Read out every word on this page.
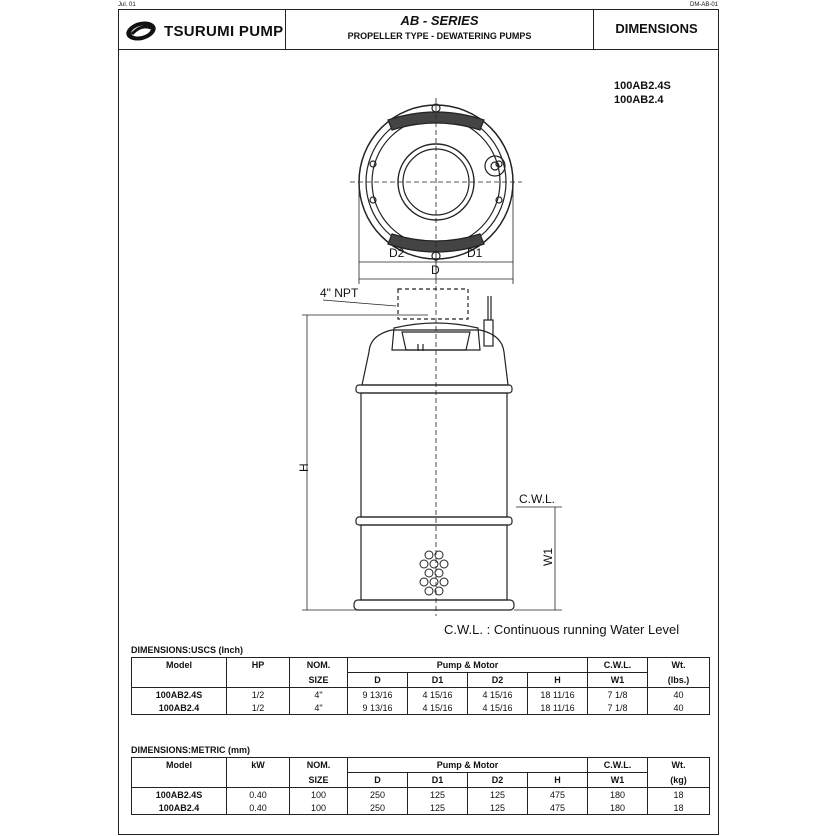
Jul. 01	DM-AB-01
TSURUMI PUMP
AB - SERIES
PROPELLER TYPE - DEWATERING PUMPS	DIMENSIONS
100AB2.4S
100AB2.4
D2	D1
D
4" NPT
H
C.W.L.
W1
C.W.L. : Continuous running Water Level
DIMENSIONS:USCS (Inch)
Model	HP	NOM.	Pump & Motor				C.W.L.	Wt.
		SIZE	D	D1	D2	H	W1	(lbs.)
100AB2.4S	1/2	4"	9 13/16	4 15/16	4 15/16	18 11/16	7 1/8	40
100AB2.4	1/2	4"	9 13/16	4 15/16	4 15/16	18 11/16	7 1/8	40
DIMENSIONS:METRIC (mm)
Model	kW	NOM.	Pump & Motor				C.W.L.	Wt.
		SIZE	D	D1	D2	H	W1	(kg)
100AB2.4S	0.40	100	250	125	125	475	180	18
100AB2.4	0.40	100	250	125	125	475	180	18
